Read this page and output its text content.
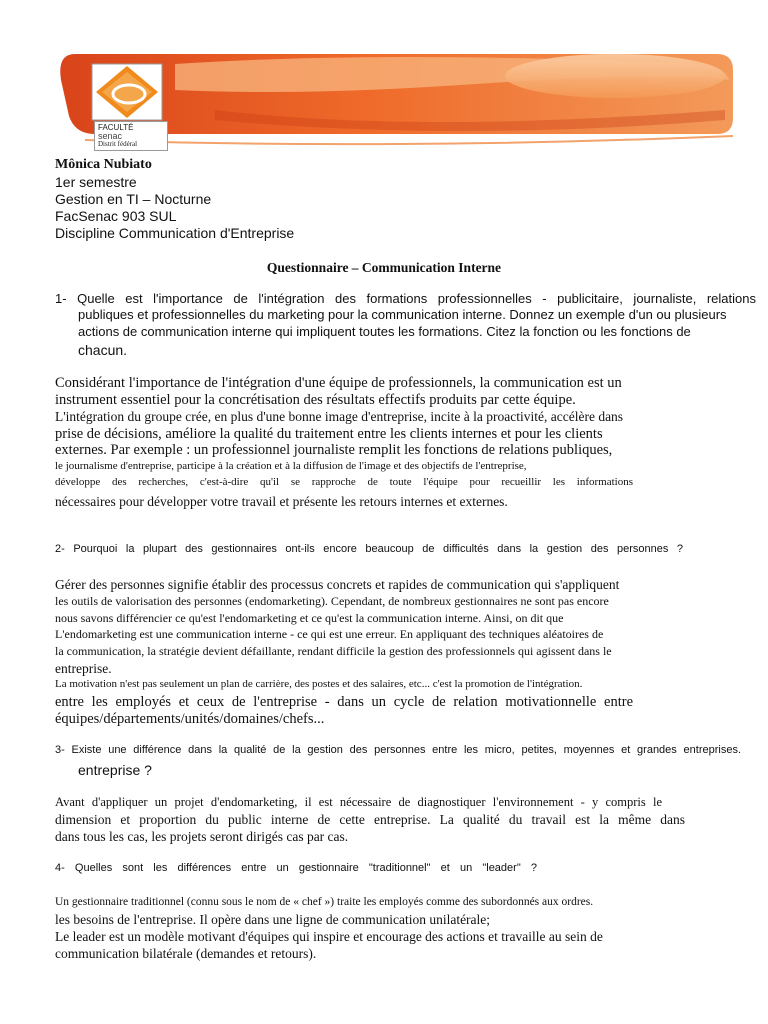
FACULTÉ
senac
Distrit fédéral
Mônica Nubiato
1er semestre
Gestion en TI – Nocturne
FacSenac 903 SUL
Discipline Communication d'Entreprise
Questionnaire – Communication Interne
1- Quelle est l'importance de l'intégration des formations professionnelles - publicitaire, journaliste, relations
publiques et professionnelles du marketing pour la communication interne. Donnez un exemple d'un ou plusieurs
actions de communication interne qui impliquent toutes les formations. Citez la fonction ou les fonctions de
chacun.
Considérant l'importance de l'intégration d'une équipe de professionnels, la communication est un
instrument essentiel pour la concrétisation des résultats effectifs produits par cette équipe.
L'intégration du groupe crée, en plus d'une bonne image d'entreprise, incite à la proactivité, accélère dans
prise de décisions, améliore la qualité du traitement entre les clients internes et pour les clients
externes. Par exemple : un professionnel journaliste remplit les fonctions de relations publiques,
le journalisme d'entreprise, participe à la création et à la diffusion de l'image et des objectifs de l'entreprise,
développe des recherches, c'est-à-dire qu'il se rapproche de toute l'équipe pour recueillir les informations
nécessaires pour développer votre travail et présente les retours internes et externes.
2- Pourquoi la plupart des gestionnaires ont-ils encore beaucoup de difficultés dans la gestion des personnes ?
Gérer des personnes signifie établir des processus concrets et rapides de communication qui s'appliquent
les outils de valorisation des personnes (endomarketing). Cependant, de nombreux gestionnaires ne sont pas encore
nous savons différencier ce qu'est l'endomarketing et ce qu'est la communication interne. Ainsi, on dit que
L'endomarketing est une communication interne - ce qui est une erreur. En appliquant des techniques aléatoires de
la communication, la stratégie devient défaillante, rendant difficile la gestion des professionnels qui agissent dans le
entreprise.
La motivation n'est pas seulement un plan de carrière, des postes et des salaires, etc... c'est la promotion de l'intégration.
entre les employés et ceux de l'entreprise - dans un cycle de relation motivationnelle entre
équipes/départements/unités/domaines/chefs...
3- Existe une différence dans la qualité de la gestion des personnes entre les micro, petites, moyennes et grandes entreprises.
entreprise ?
Avant d'appliquer un projet d'endomarketing, il est nécessaire de diagnostiquer l'environnement - y compris le
dimension et proportion du public interne de cette entreprise. La qualité du travail est la même dans
dans tous les cas, les projets seront dirigés cas par cas.
4- Quelles sont les différences entre un gestionnaire "traditionnel" et un "leader" ?
Un gestionnaire traditionnel (connu sous le nom de « chef ») traite les employés comme des subordonnés aux ordres.
les besoins de l'entreprise. Il opère dans une ligne de communication unilatérale;
Le leader est un modèle motivant d'équipes qui inspire et encourage des actions et travaille au sein de
communication bilatérale (demandes et retours).
